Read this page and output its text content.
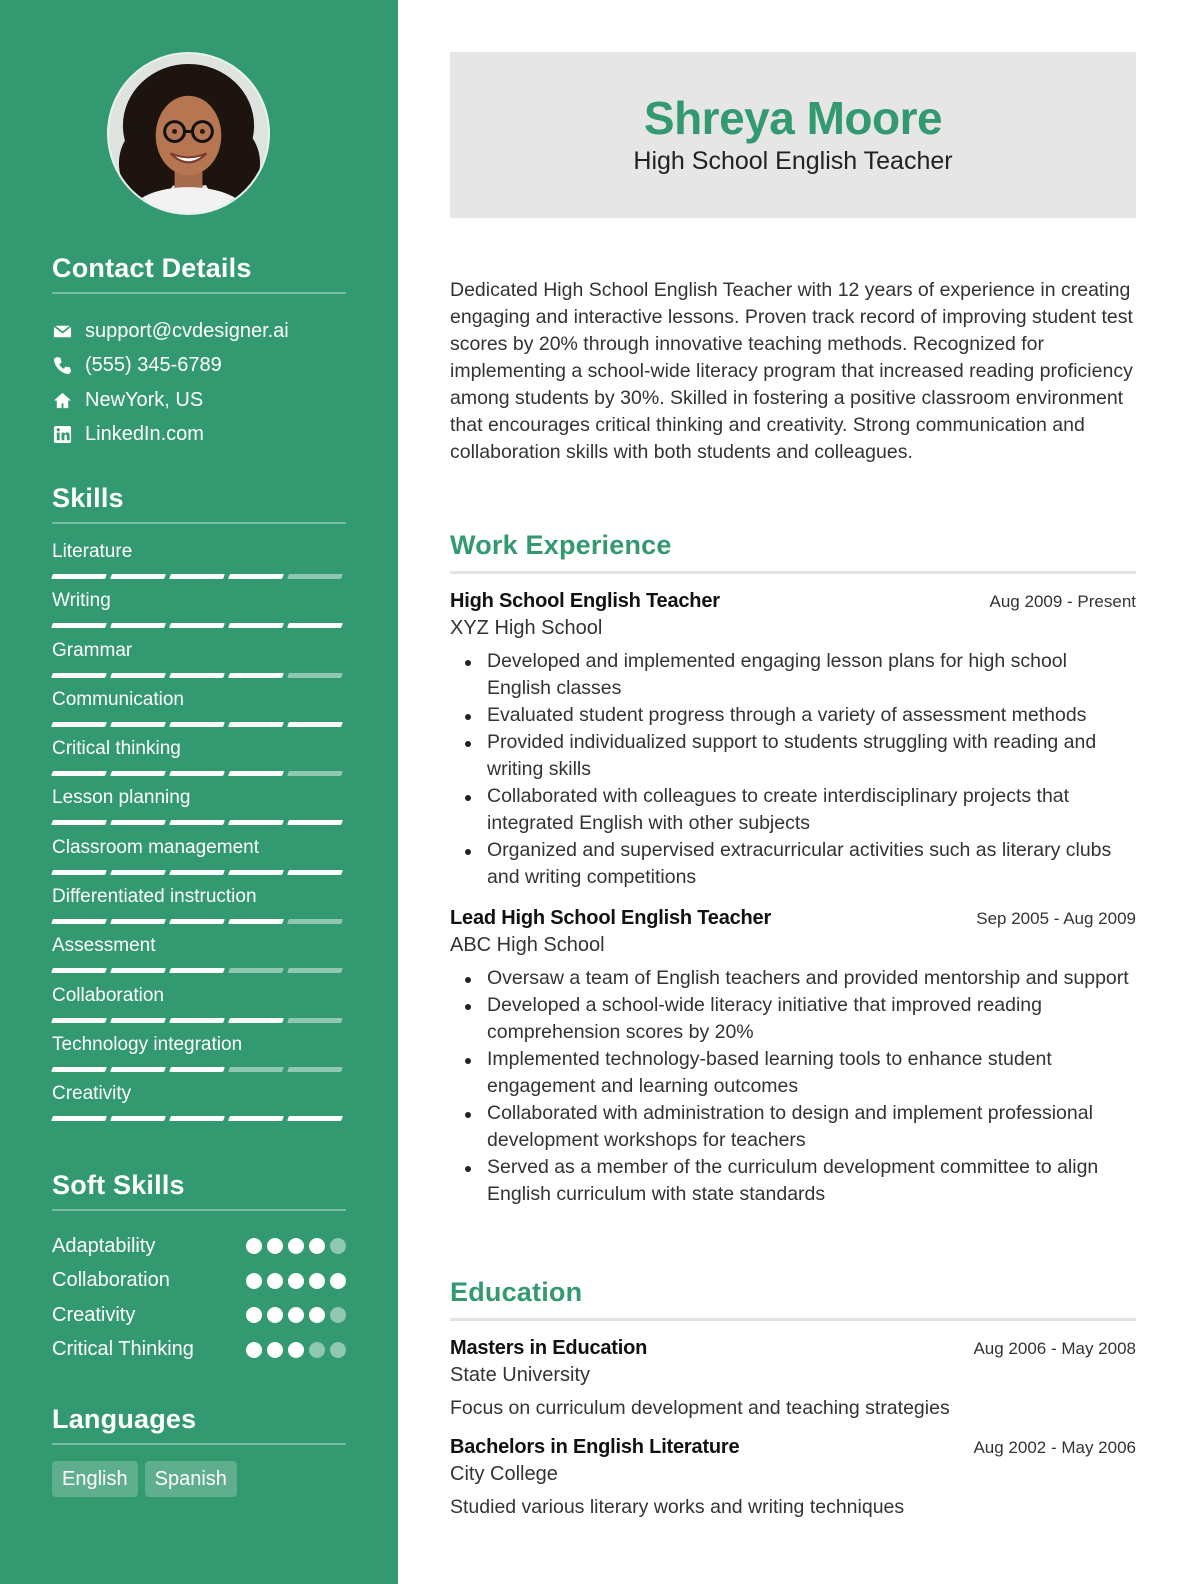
Contact Details
support@cvdesigner.ai
(555) 345-6789
NewYork, US
LinkedIn.com
Skills
Literature
Writing
Grammar
Communication
Critical thinking
Lesson planning
Classroom management
Differentiated instruction
Assessment
Collaboration
Technology integration
Creativity
Soft Skills
Adaptability
Collaboration
Creativity
Critical Thinking
Languages
English	Spanish
Shreya Moore
High School English Teacher

Dedicated High School English Teacher with 12 years of experience in creating engaging and interactive lessons. Proven track record of improving student test scores by 20% through innovative teaching methods. Recognized for implementing a school-wide literacy program that increased reading proficiency among students by 30%. Skilled in fostering a positive classroom environment that encourages critical thinking and creativity. Strong communication and collaboration skills with both students and colleagues.

Work Experience
High School English Teacher	Aug 2009 - Present
XYZ High School
Developed and implemented engaging lesson plans for high school English classes
Evaluated student progress through a variety of assessment methods
Provided individualized support to students struggling with reading and writing skills
Collaborated with colleagues to create interdisciplinary projects that integrated English with other subjects
Organized and supervised extracurricular activities such as literary clubs and writing competitions
Lead High School English Teacher	Sep 2005 - Aug 2009
ABC High School
Oversaw a team of English teachers and provided mentorship and support
Developed a school-wide literacy initiative that improved reading comprehension scores by 20%
Implemented technology-based learning tools to enhance student engagement and learning outcomes
Collaborated with administration to design and implement professional development workshops for teachers
Served as a member of the curriculum development committee to align English curriculum with state standards
Education
Masters in Education	Aug 2006 - May 2008
State University
Focus on curriculum development and teaching strategies
Bachelors in English Literature	Aug 2002 - May 2006
City College
Studied various literary works and writing techniques
